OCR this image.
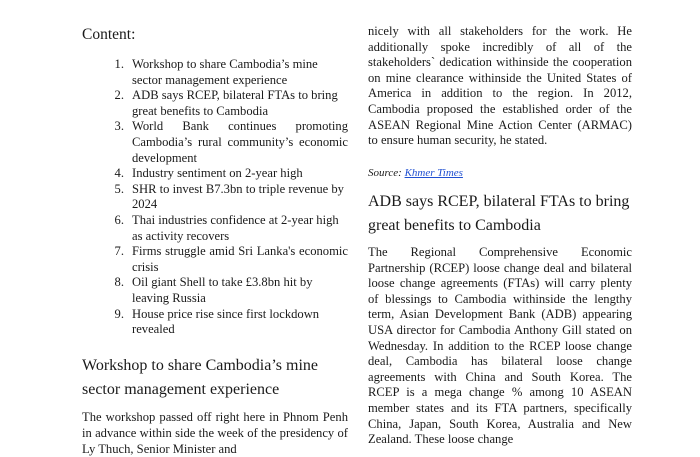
Content:
1. Workshop to share Cambodia’s mine sector management experience
2. ADB says RCEP, bilateral FTAs to bring great benefits to Cambodia
3. World Bank continues promoting Cambodia’s rural community’s economic development
4. Industry sentiment on 2-year high
5. SHR to invest B7.3bn to triple revenue by 2024
6. Thai industries confidence at 2-year high as activity recovers
7. Firms struggle amid Sri Lanka's economic crisis
8. Oil giant Shell to take £3.8bn hit by leaving Russia
9. House price rise since first lockdown revealed
Workshop to share Cambodia’s mine sector management experience
The workshop passed off right here in Phnom Penh in advance within side the week of the presidency of Ly Thuch, Senior Minister and
nicely with all stakeholders for the work. He additionally spoke incredibly of all of the stakeholders` dedication withinside the cooperation on mine clearance withinside the United States of America in addition to the region. In 2012, Cambodia proposed the established order of the ASEAN Regional Mine Action Center (ARMAC) to ensure human security, he stated.
Source: Khmer Times
ADB says RCEP, bilateral FTAs to bring great benefits to Cambodia
The Regional Comprehensive Economic Partnership (RCEP) loose change deal and bilateral loose change agreements (FTAs) will carry plenty of blessings to Cambodia withinside the lengthy term, Asian Development Bank (ADB) appearing USA director for Cambodia Anthony Gill stated on Wednesday. In addition to the RCEP loose change deal, Cambodia has bilateral loose change agreements with China and South Korea. The RCEP is a mega change % among 10 ASEAN member states and its FTA partners, specifically China, Japan, South Korea, Australia and New Zealand. These loose change
